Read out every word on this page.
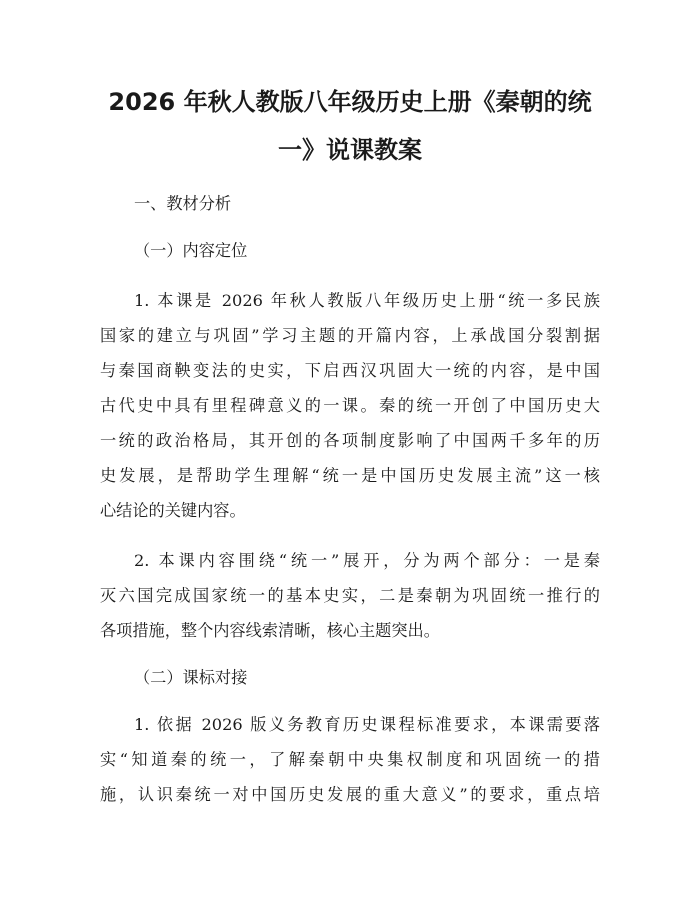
2026 年秋人教版八年级历史上册《秦朝的统
一》说课教案
一、教材分析
（一）内容定位
1. 本课是 2026 年秋人教版八年级历史上册“统一多民族
国家的建立与巩固”学习主题的开篇内容，上承战国分裂割据
与秦国商鞅变法的史实，下启西汉巩固大一统的内容，是中国
古代史中具有里程碑意义的一课。秦的统一开创了中国历史大
一统的政治格局，其开创的各项制度影响了中国两千多年的历
史发展，是帮助学生理解“统一是中国历史发展主流”这一核
心结论的关键内容。
2. 本课内容围绕“统一”展开，分为两个部分：一是秦
灭六国完成国家统一的基本史实，二是秦朝为巩固统一推行的
各项措施，整个内容线索清晰，核心主题突出。
（二）课标对接
1. 依据 2026 版义务教育历史课程标准要求，本课需要落
实“知道秦的统一，了解秦朝中央集权制度和巩固统一的措
施，认识秦统一对中国历史发展的重大意义”的要求，重点培
